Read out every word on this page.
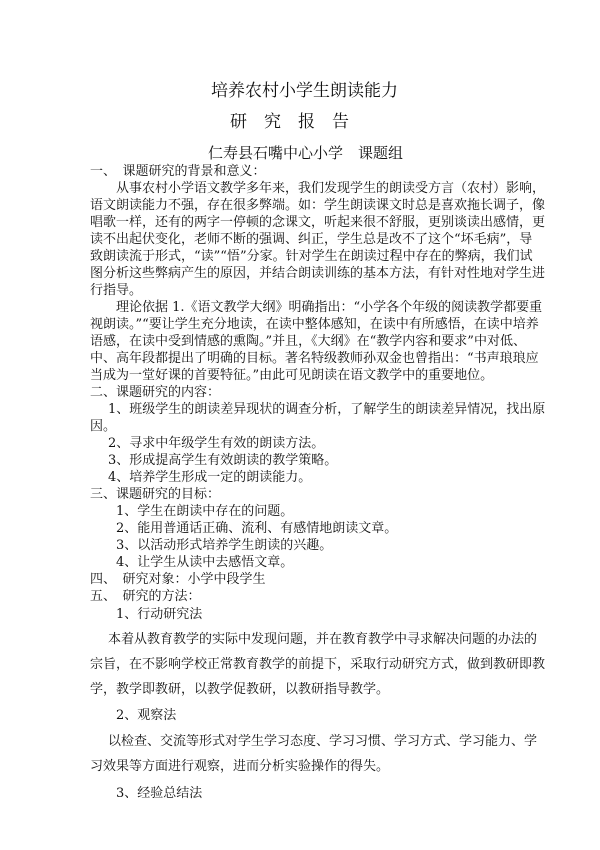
培养农村小学生朗读能力
研　究　报　告
仁寿县石嘴中心小学　课题组
一、　课题研究的背景和意义：
从事农村小学语文教学多年来，我们发现学生的朗读受方言（农村）影响，
语文朗读能力不强，存在很多弊端。如：学生朗读课文时总是喜欢拖长调子，像
唱歌一样，还有的两字一停顿的念课文，听起来很不舒服，更别谈读出感情，更
读不出起伏变化，老师不断的强调、纠正，学生总是改不了这个“坏毛病”，导
致朗读流于形式，“读”“悟”分家。针对学生在朗读过程中存在的弊病，我们试
图分析这些弊病产生的原因，并结合朗读训练的基本方法，有针对性地对学生进
行指导。
理论依据 1.《语文教学大纲》明确指出：“小学各个年级的阅读教学都要重
视朗读。”“要让学生充分地读，在读中整体感知，在读中有所感悟，在读中培养
语感，在读中受到情感的熏陶。”并且，《大纲》在“教学内容和要求”中对低、
中、高年段都提出了明确的目标。著名特级教师孙双金也曾指出：“书声琅琅应
当成为一堂好课的首要特征。”由此可见朗读在语文教学中的重要地位。
二、课题研究的内容：
1、班级学生的朗读差异现状的调查分析，了解学生的朗读差异情况，找出原
因。
2、寻求中年级学生有效的朗读方法。
3、形成提高学生有效朗读的教学策略。
4、培养学生形成一定的朗读能力。
三、课题研究的目标：
1、学生在朗读中存在的问题。
2、能用普通话正确、流利、有感情地朗读文章。
3、以活动形式培养学生朗读的兴趣。
4、让学生从读中去感悟文章。
四、　研究对象：小学中段学生
五、　研究的方法：
1、行动研究法
本着从教育教学的实际中发现问题，并在教育教学中寻求解决问题的办法的
宗旨，在不影响学校正常教育教学的前提下，采取行动研究方式，做到教研即教
学，教学即教研，以教学促教研，以教研指导教学。
2、观察法
以检查、交流等形式对学生学习态度、学习习惯、学习方式、学习能力、学
习效果等方面进行观察，进而分析实验操作的得失。
3、经验总结法
